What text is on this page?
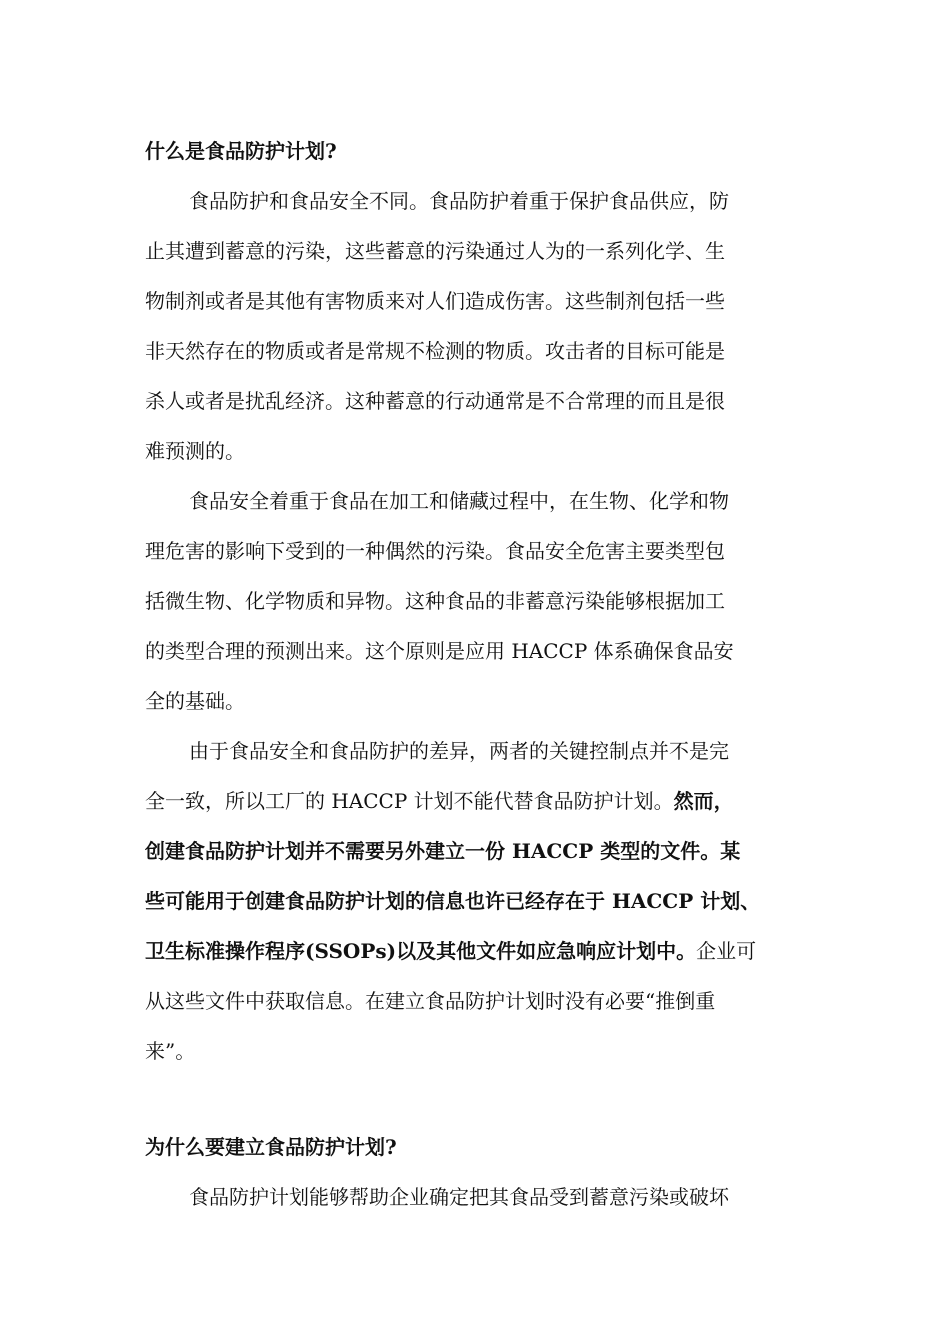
什么是食品防护计划?
食品防护和食品安全不同。食品防护着重于保护食品供应，防
止其遭到蓄意的污染，这些蓄意的污染通过人为的一系列化学、生
物制剂或者是其他有害物质来对人们造成伤害。这些制剂包括一些
非天然存在的物质或者是常规不检测的物质。攻击者的目标可能是
杀人或者是扰乱经济。这种蓄意的行动通常是不合常理的而且是很
难预测的。
食品安全着重于食品在加工和储藏过程中，在生物、化学和物
理危害的影响下受到的一种偶然的污染。食品安全危害主要类型包
括微生物、化学物质和异物。这种食品的非蓄意污染能够根据加工
的类型合理的预测出来。这个原则是应用 HACCP 体系确保食品安
全的基础。
由于食品安全和食品防护的差异，两者的关键控制点并不是完
全一致，所以工厂的 HACCP 计划不能代替食品防护计划。然而，
创建食品防护计划并不需要另外建立一份 HACCP 类型的文件。某
些可能用于创建食品防护计划的信息也许已经存在于 HACCP 计划、
卫生标准操作程序(SSOPs)以及其他文件如应急响应计划中。企业可
从这些文件中获取信息。在建立食品防护计划时没有必要“推倒重
来”。
为什么要建立食品防护计划?
食品防护计划能够帮助企业确定把其食品受到蓄意污染或破坏
